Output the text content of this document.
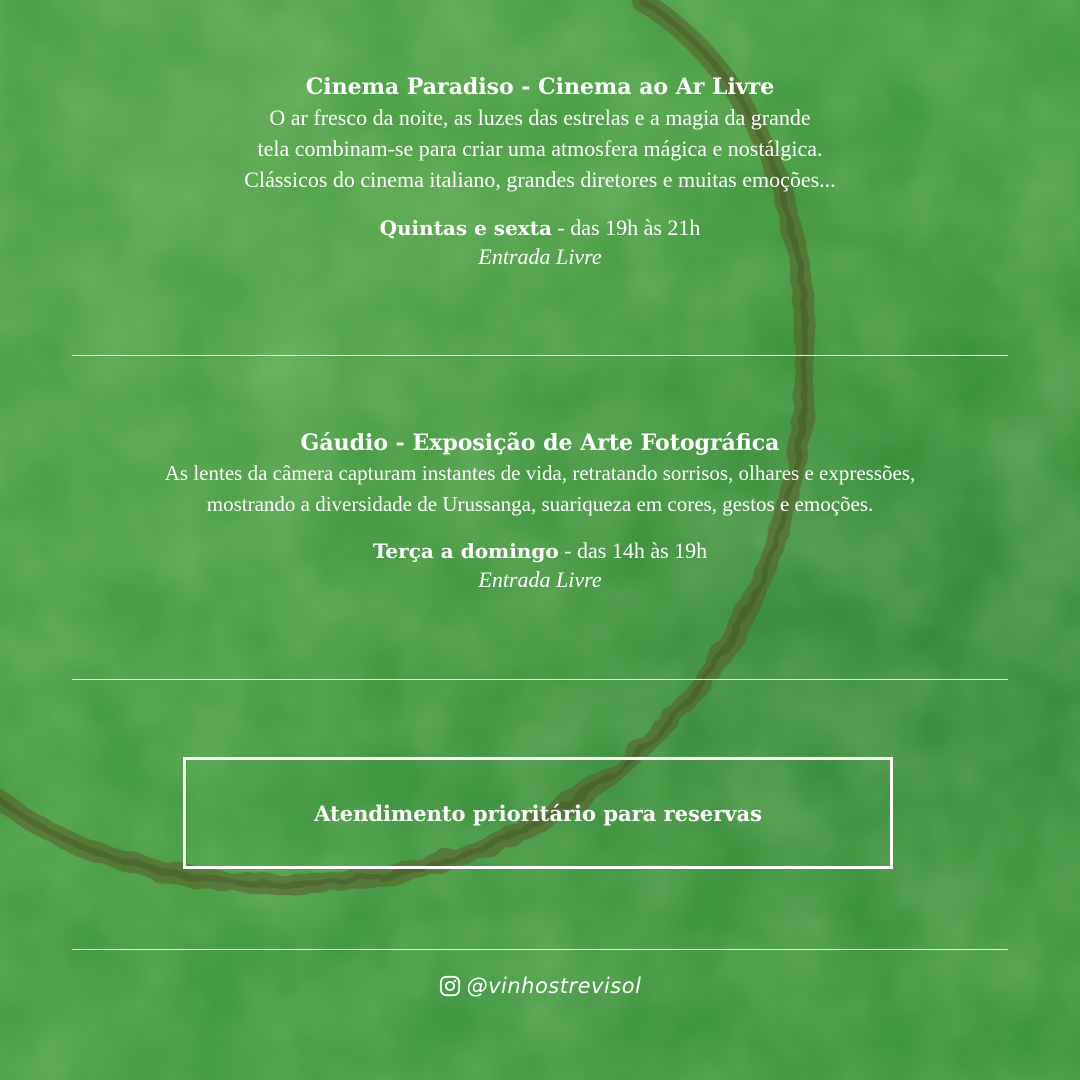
Cinema Paradiso - Cinema ao Ar Livre
O ar fresco da noite, as luzes das estrelas e a magia da grande
tela combinam-se para criar uma atmosfera mágica e nostálgica.
Clássicos do cinema italiano, grandes diretores e muitas emoções...
Quintas e sexta - das 19h às 21h
Entrada Livre
Gáudio - Exposição de Arte Fotográfica
As lentes da câmera capturam instantes de vida, retratando sorrisos, olhares e expressões,
mostrando a diversidade de Urussanga, suariqueza em cores, gestos e emoções.
Terça a domingo - das 14h às 19h
Entrada Livre
Atendimento prioritário para reservas
@vinhostrevisol
